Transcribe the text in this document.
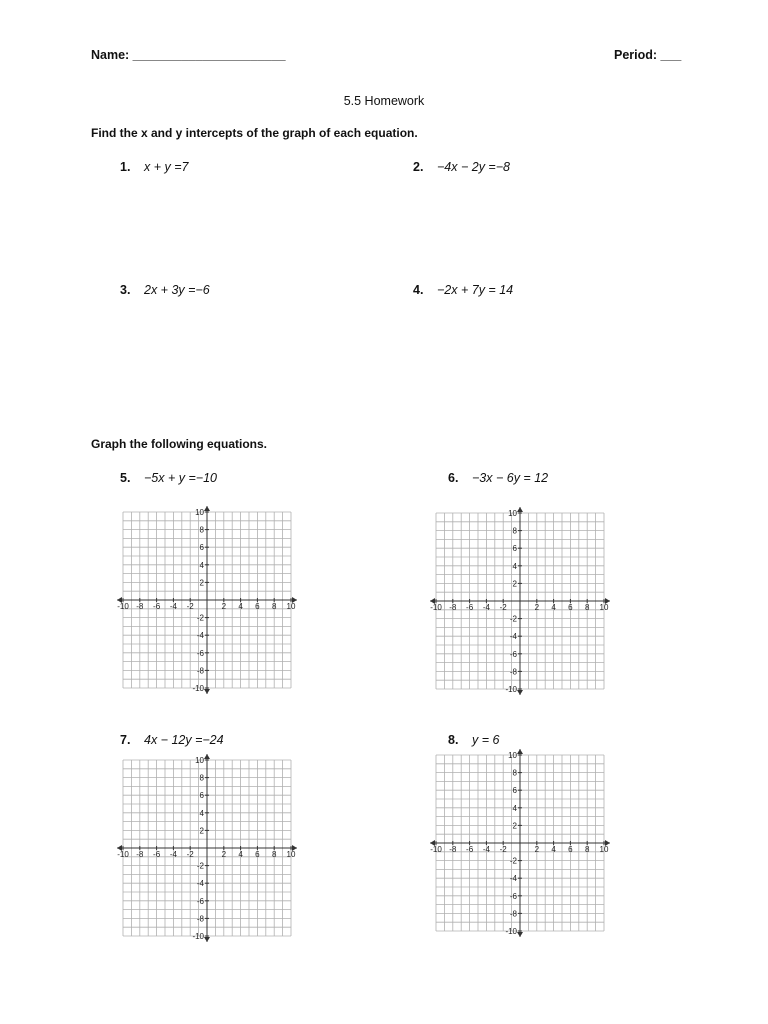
Name: ______________________	Period: ___
5.5 Homework
Find the x and y intercepts of the graph of each equation.
1. x + y =7	2. −4x − 2y =−8
3. 2x + 3y =−6	4. −2x + 7y = 14
Graph the following equations.
5. −5x + y =−10	6. −3x − 6y = 12
7. 4x − 12y =−24	8. y = 6
-10 -8 -6 -4 -2	2 4 6 8 10
10
8
6
4
2
-2
-4
-6
-8
-10
-10 -8 -6 -4 -2	2 4 6 8 10
10
8
6
4
2
-2
-4
-6
-8
-10
-10 -8 -6 -4 -2	2 4 6 8 10
10
8
6
4
2
-2
-4
-6
-8
-10
-10 -8 -6 -4 -2	2 4 6 8 10
10
8
6
4
2
-2
-4
-6
-8
-10
